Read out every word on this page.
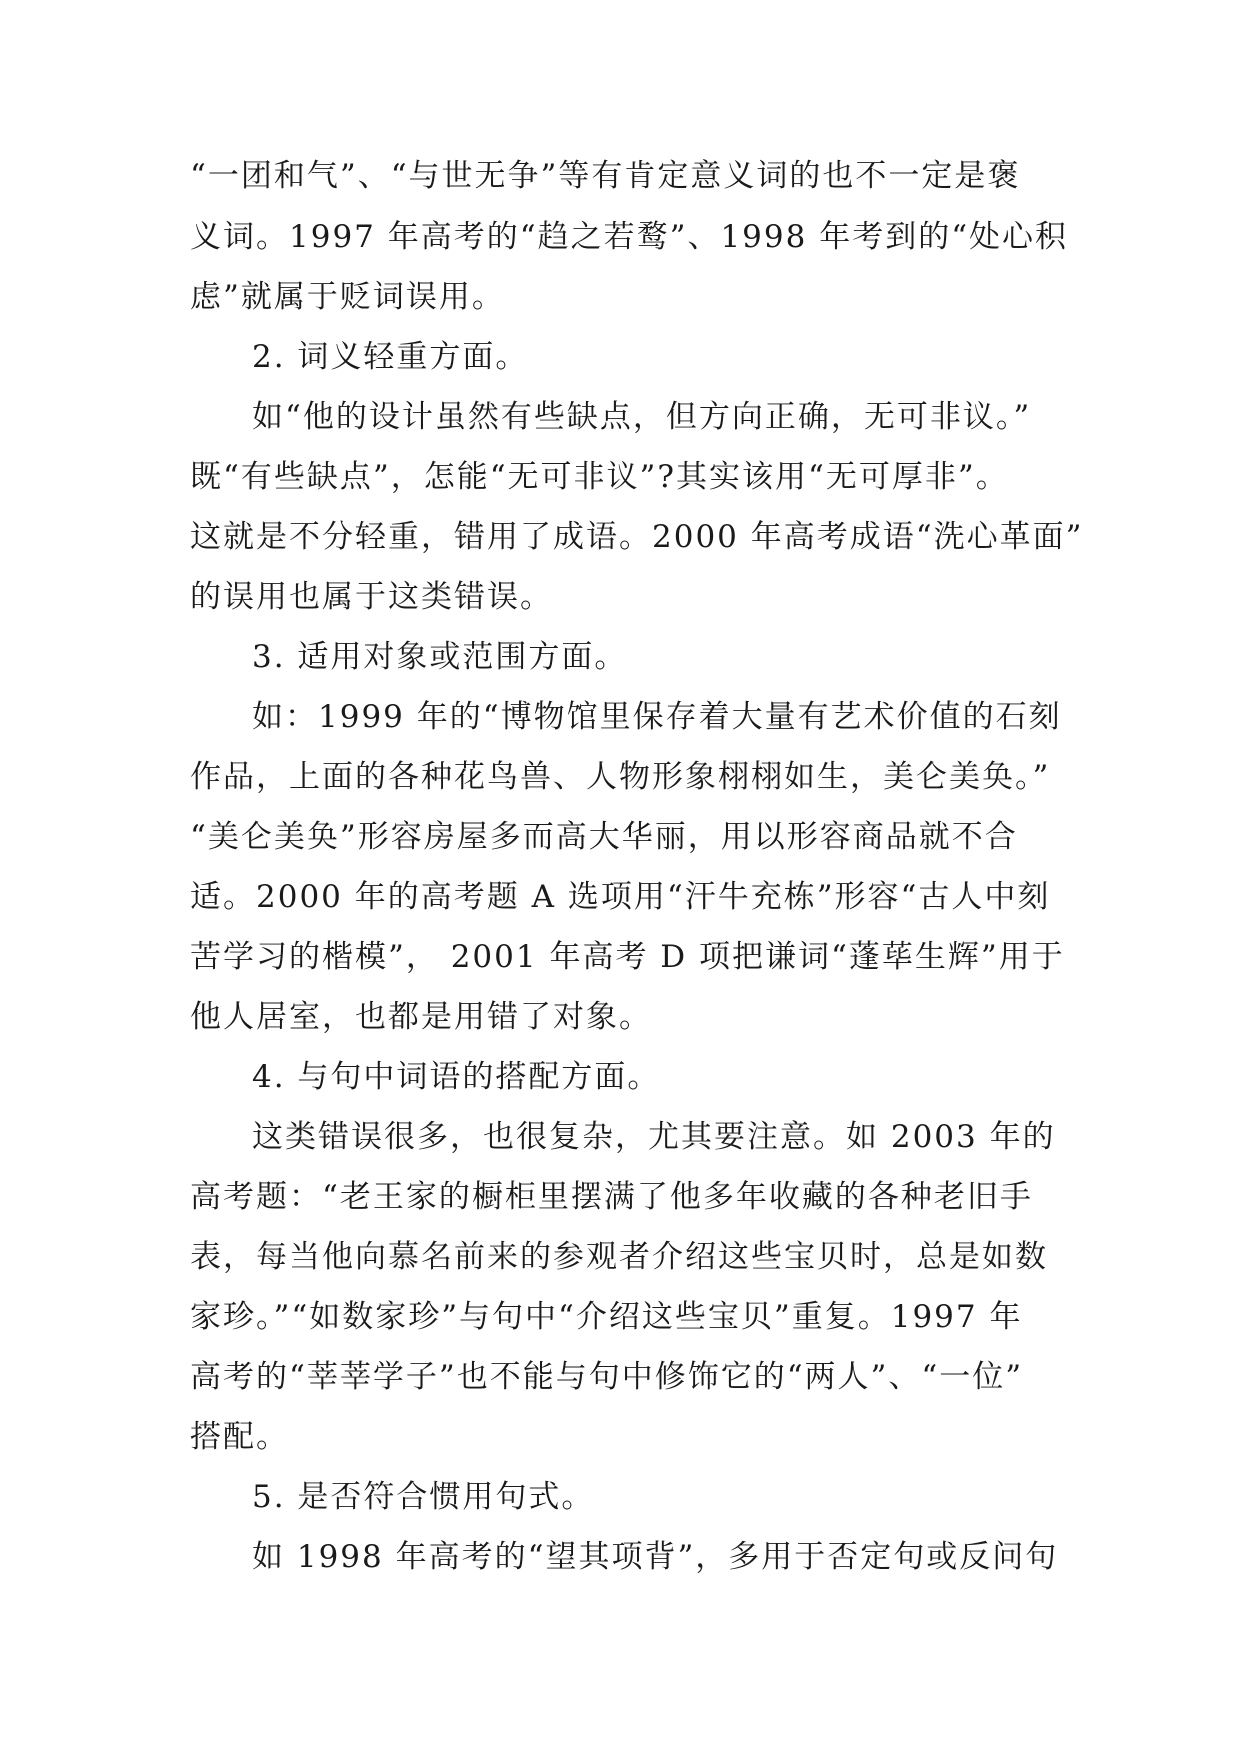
“一团和气”、“与世无争”等有肯定意义词的也不一定是褒
义词。1997 年高考的“趋之若鹜”、1998 年考到的“处心积
虑”就属于贬词误用。
2. 词义轻重方面。
如“他的设计虽然有些缺点，但方向正确，无可非议。”
既“有些缺点”，怎能“无可非议”?其实该用“无可厚非”。
这就是不分轻重，错用了成语。2000 年高考成语“洗心革面”
的误用也属于这类错误。
3. 适用对象或范围方面。
如：1999 年的“博物馆里保存着大量有艺术价值的石刻
作品，上面的各种花鸟兽、人物形象栩栩如生，美仑美奂。”
“美仑美奂”形容房屋多而高大华丽，用以形容商品就不合
适。2000 年的高考题 A 选项用“汗牛充栋”形容“古人中刻
苦学习的楷模”， 2001 年高考 D 项把谦词“蓬荜生辉”用于
他人居室，也都是用错了对象。
4. 与句中词语的搭配方面。
这类错误很多，也很复杂，尤其要注意。如 2003 年的
高考题：“老王家的橱柜里摆满了他多年收藏的各种老旧手
表，每当他向慕名前来的参观者介绍这些宝贝时，总是如数
家珍。”“如数家珍”与句中“介绍这些宝贝”重复。1997 年
高考的“莘莘学子”也不能与句中修饰它的“两人”、“一位”
搭配。
5. 是否符合惯用句式。
如 1998 年高考的“望其项背”，多用于否定句或反问句
